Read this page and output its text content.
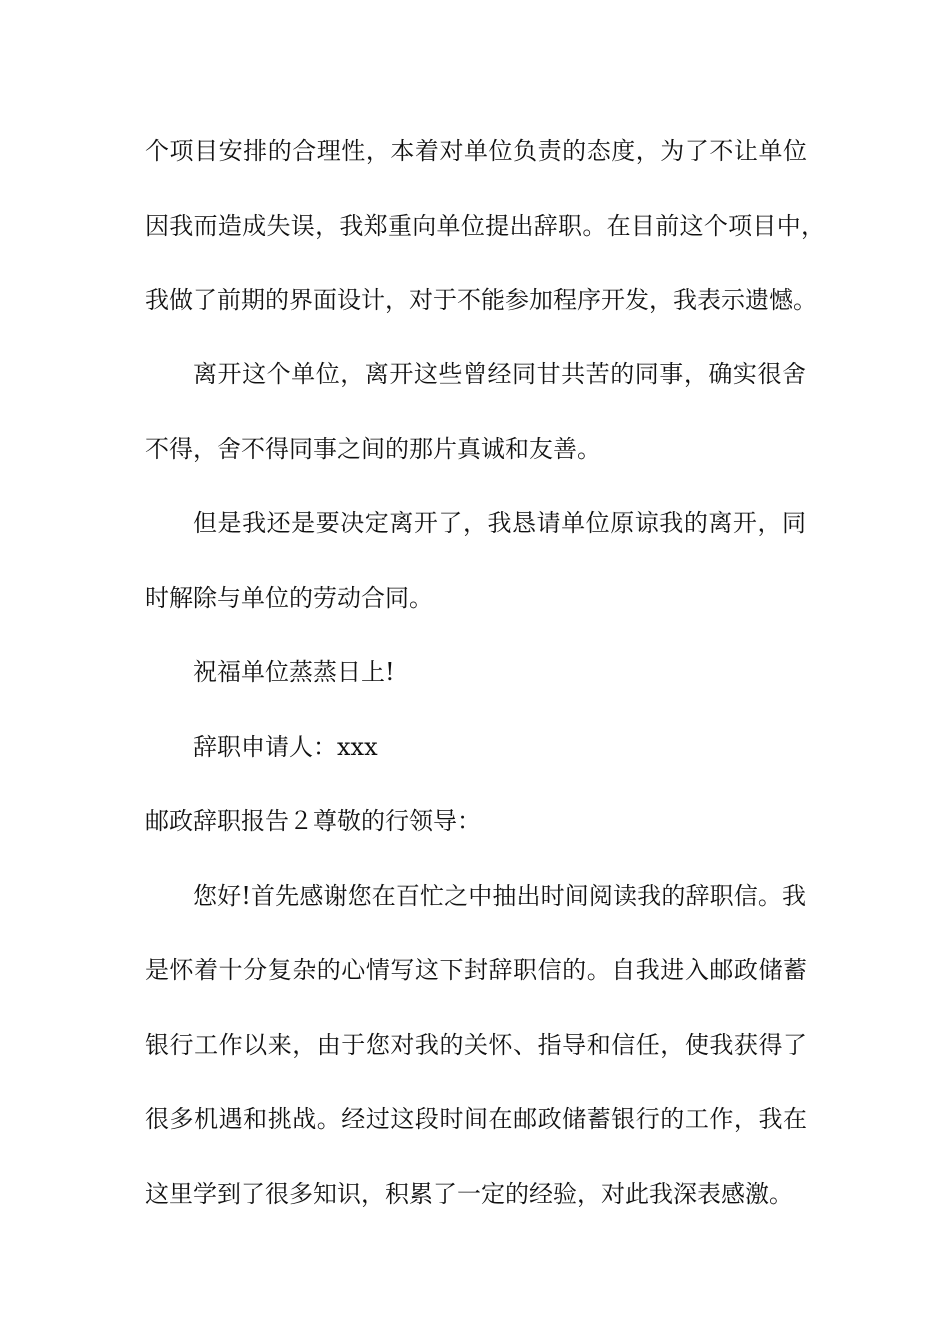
个项目安排的合理性，本着对单位负责的态度，为了不让单位
因我而造成失误，我郑重向单位提出辞职。在目前这个项目中，
我做了前期的界面设计，对于不能参加程序开发，我表示遗憾。
离开这个单位，离开这些曾经同甘共苦的同事，确实很舍
不得，舍不得同事之间的那片真诚和友善。
但是我还是要决定离开了，我恳请单位原谅我的离开，同
时解除与单位的劳动合同。
祝福单位蒸蒸日上!
辞职申请人：xxx
邮政辞职报告２尊敬的行领导：
您好!首先感谢您在百忙之中抽出时间阅读我的辞职信。我
是怀着十分复杂的心情写这下封辞职信的。自我进入邮政储蓄
银行工作以来，由于您对我的关怀、指导和信任，使我获得了
很多机遇和挑战。经过这段时间在邮政储蓄银行的工作，我在
这里学到了很多知识，积累了一定的经验，对此我深表感激。
